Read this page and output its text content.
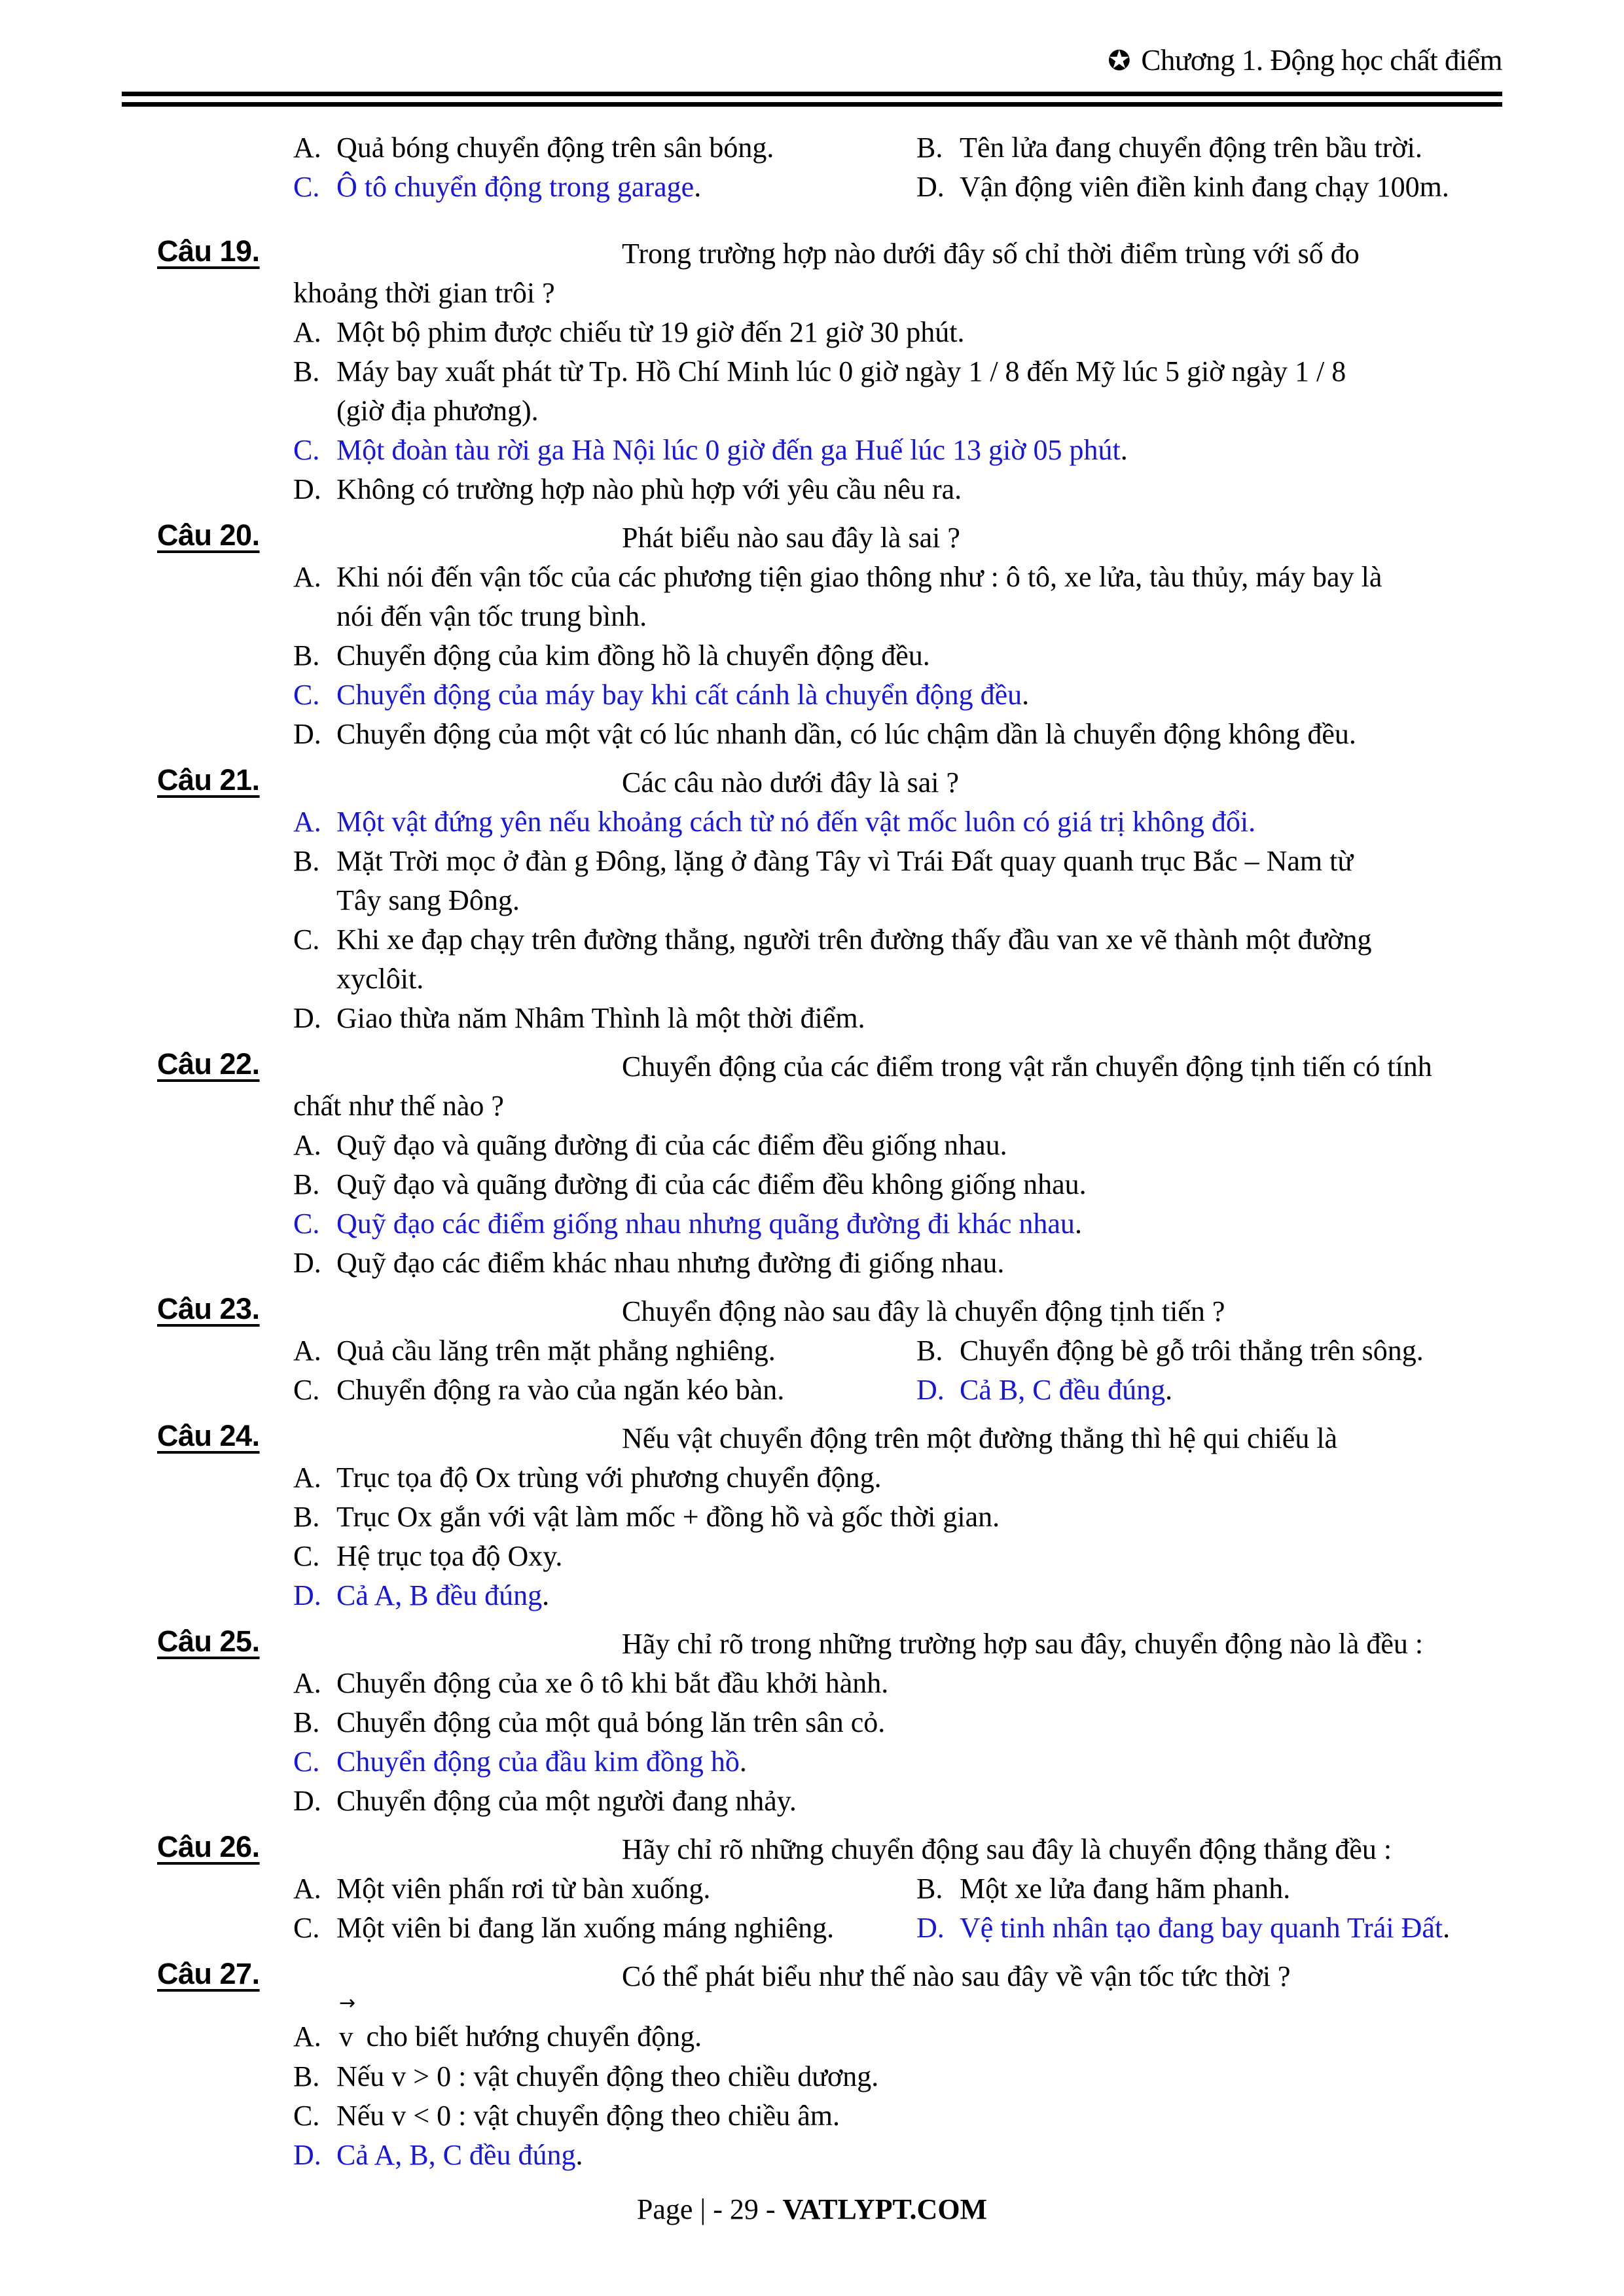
✪ Chương 1. Động học chất điểm
A. Quả bóng chuyển động trên sân bóng.	B. Tên lửa đang chuyển động trên bầu trời.
C. Ô tô chuyển động trong garage.	D. Vận động viên điền kinh đang chạy 100m.
Câu 19.	Trong trường hợp nào dưới đây số chỉ thời điểm trùng với số đo
khoảng thời gian trôi ?
A. Một bộ phim được chiếu từ 19 giờ đến 21 giờ 30 phút.
B. Máy bay xuất phát từ Tp. Hồ Chí Minh lúc 0 giờ ngày 1 / 8 đến Mỹ lúc 5 giờ ngày 1 / 8
(giờ địa phương).
C. Một đoàn tàu rời ga Hà Nội lúc 0 giờ đến ga Huế lúc 13 giờ 05 phút.
D. Không có trường hợp nào phù hợp với yêu cầu nêu ra.
Câu 20.	Phát biểu nào sau đây là sai ?
A. Khi nói đến vận tốc của các phương tiện giao thông như : ô tô, xe lửa, tàu thủy, máy bay là
nói đến vận tốc trung bình.
B. Chuyển động của kim đồng hồ là chuyển động đều.
C. Chuyển động của máy bay khi cất cánh là chuyển động đều.
D. Chuyển động của một vật có lúc nhanh dần, có lúc chậm dần là chuyển động không đều.
Câu 21.	Các câu nào dưới đây là sai ?
A. Một vật đứng yên nếu khoảng cách từ nó đến vật mốc luôn có giá trị không đổi.
B. Mặt Trời mọc ở đàn g Đông, lặng ở đàng Tây vì Trái Đất quay quanh trục Bắc – Nam từ
Tây sang Đông.
C. Khi xe đạp chạy trên đường thẳng, người trên đường thấy đầu van xe vẽ thành một đường
xyclôit.
D. Giao thừa năm Nhâm Thình là một thời điểm.
Câu 22.	Chuyển động của các điểm trong vật rắn chuyển động tịnh tiến có tính
chất như thế nào ?
A. Quỹ đạo và quãng đường đi của các điểm đều giống nhau.
B. Quỹ đạo và quãng đường đi của các điểm đều không giống nhau.
C. Quỹ đạo các điểm giống nhau nhưng quãng đường đi khác nhau.
D. Quỹ đạo các điểm khác nhau nhưng đường đi giống nhau.
Câu 23.	Chuyển động nào sau đây là chuyển động tịnh tiến ?
A. Quả cầu lăng trên mặt phẳng nghiêng.	B. Chuyển động bè gỗ trôi thẳng trên sông.
C. Chuyển động ra vào của ngăn kéo bàn.	D. Cả B, C đều đúng.
Câu 24.	Nếu vật chuyển động trên một đường thẳng thì hệ qui chiếu là
A. Trục tọa độ Ox trùng với phương chuyển động.
B. Trục Ox gắn với vật làm mốc + đồng hồ và gốc thời gian.
C. Hệ trục tọa độ Oxy.
D. Cả A, B đều đúng.
Câu 25.	Hãy chỉ rõ trong những trường hợp sau đây, chuyển động nào là đều :
A. Chuyển động của xe ô tô khi bắt đầu khởi hành.
B. Chuyển động của một quả bóng lăn trên sân cỏ.
C. Chuyển động của đầu kim đồng hồ.
D. Chuyển động của một người đang nhảy.
Câu 26.	Hãy chỉ rõ những chuyển động sau đây là chuyển động thẳng đều :
A. Một viên phấn rơi từ bàn xuống.	B. Một xe lửa đang hãm phanh.
C. Một viên bi đang lăn xuống máng nghiêng.	D. Vệ tinh nhân tạo đang bay quanh Trái Đất.
Câu 27.	Có thể phát biểu như thế nào sau đây về vận tốc tức thời ?
A.
→
v cho biết hướng chuyển động.
B. Nếu v > 0 : vật chuyển động theo chiều dương.
C. Nếu v < 0 : vật chuyển động theo chiều âm.
D. Cả A, B, C đều đúng.
Page | - 29 - VATLYPT.COM
